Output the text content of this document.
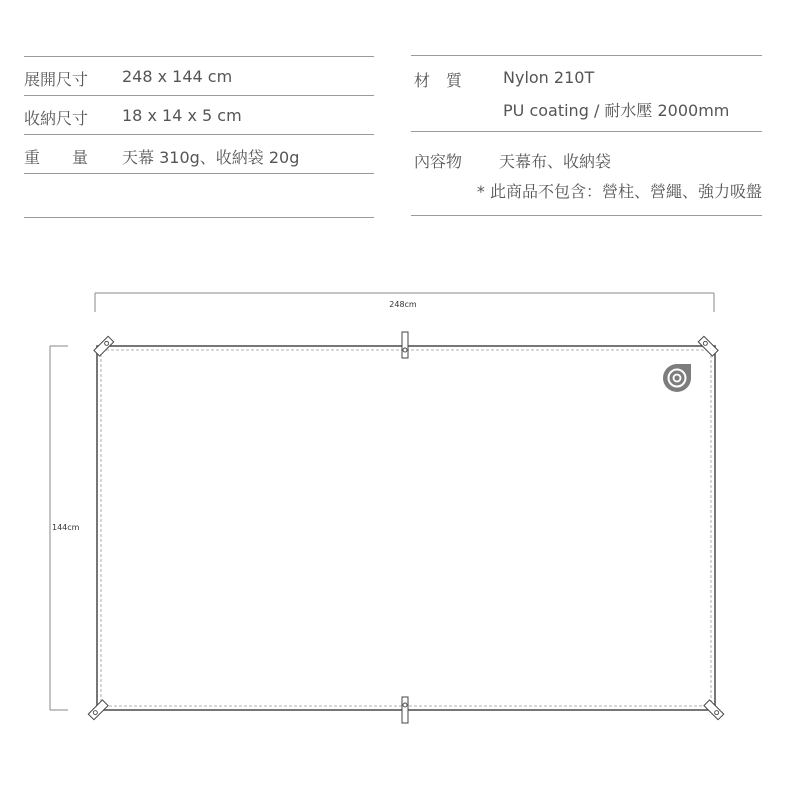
展開尺寸 248 x 144 cm
收納尺寸 18 x 14 x 5 cm
重　　量 天幕 310g、收納袋 20g
材　質	Nylon 210T
PU coating / 耐水壓 2000mm
內容物 天幕布、收納袋
* 此商品不包含：營柱、營繩、強力吸盤
248cm
144cm
